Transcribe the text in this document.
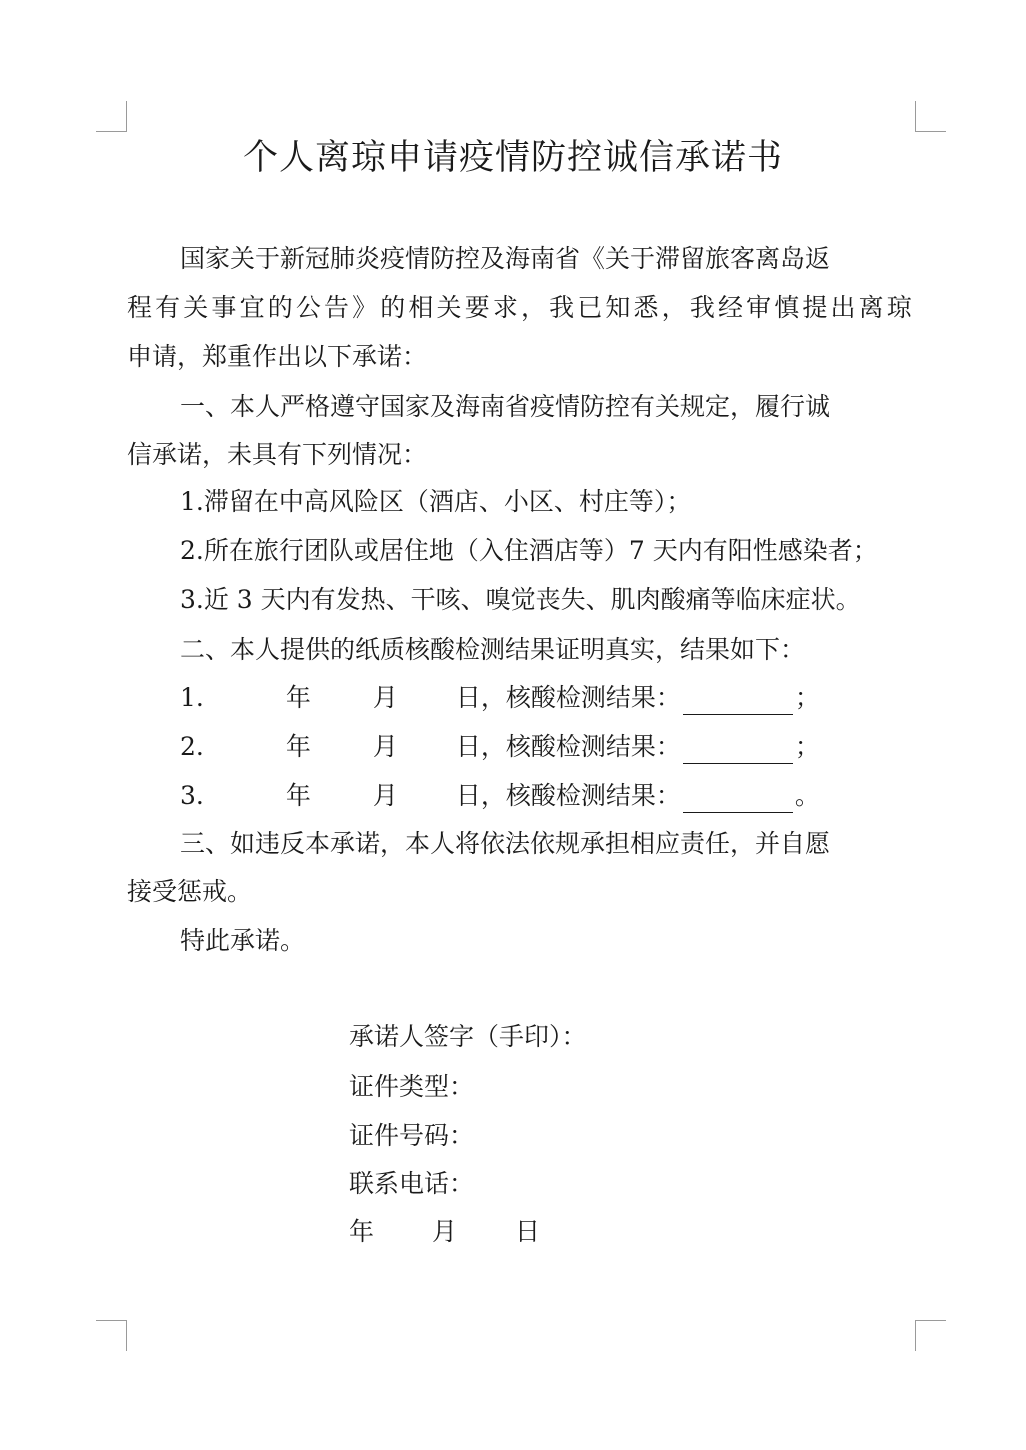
个人离琼申请疫情防控诚信承诺书
国家关于新冠肺炎疫情防控及海南省《关于滞留旅客离岛返
程 有 关 事 宜 的 公 告 》 的 相 关 要 求 ， 我 已 知 悉 ， 我 经 审 慎 提 出 离 琼
申请，郑重作出以下承诺：
一、本人严格遵守国家及海南省疫情防控有关规定，履行诚
信承诺，未具有下列情况：
1.滞留在中高风险区（酒店、小区、村庄等）；
2.所在旅行团队或居住地（入住酒店等）7 天内有阳性感染者；
3.近 3 天内有发热、干咳、嗅觉丧失、肌肉酸痛等临床症状。
二、本人提供的纸质核酸检测结果证明真实，结果如下：
1.	年 月 日，核酸检测结果：	；
2.	年 月 日，核酸检测结果：	；
3.	年 月 日，核酸检测结果：	。
三、如违反本承诺，本人将依法依规承担相应责任，并自愿
接受惩戒。
特此承诺。
承诺人签字（手印）：
证件类型：
证件号码：
联系电话：
年 月 日
